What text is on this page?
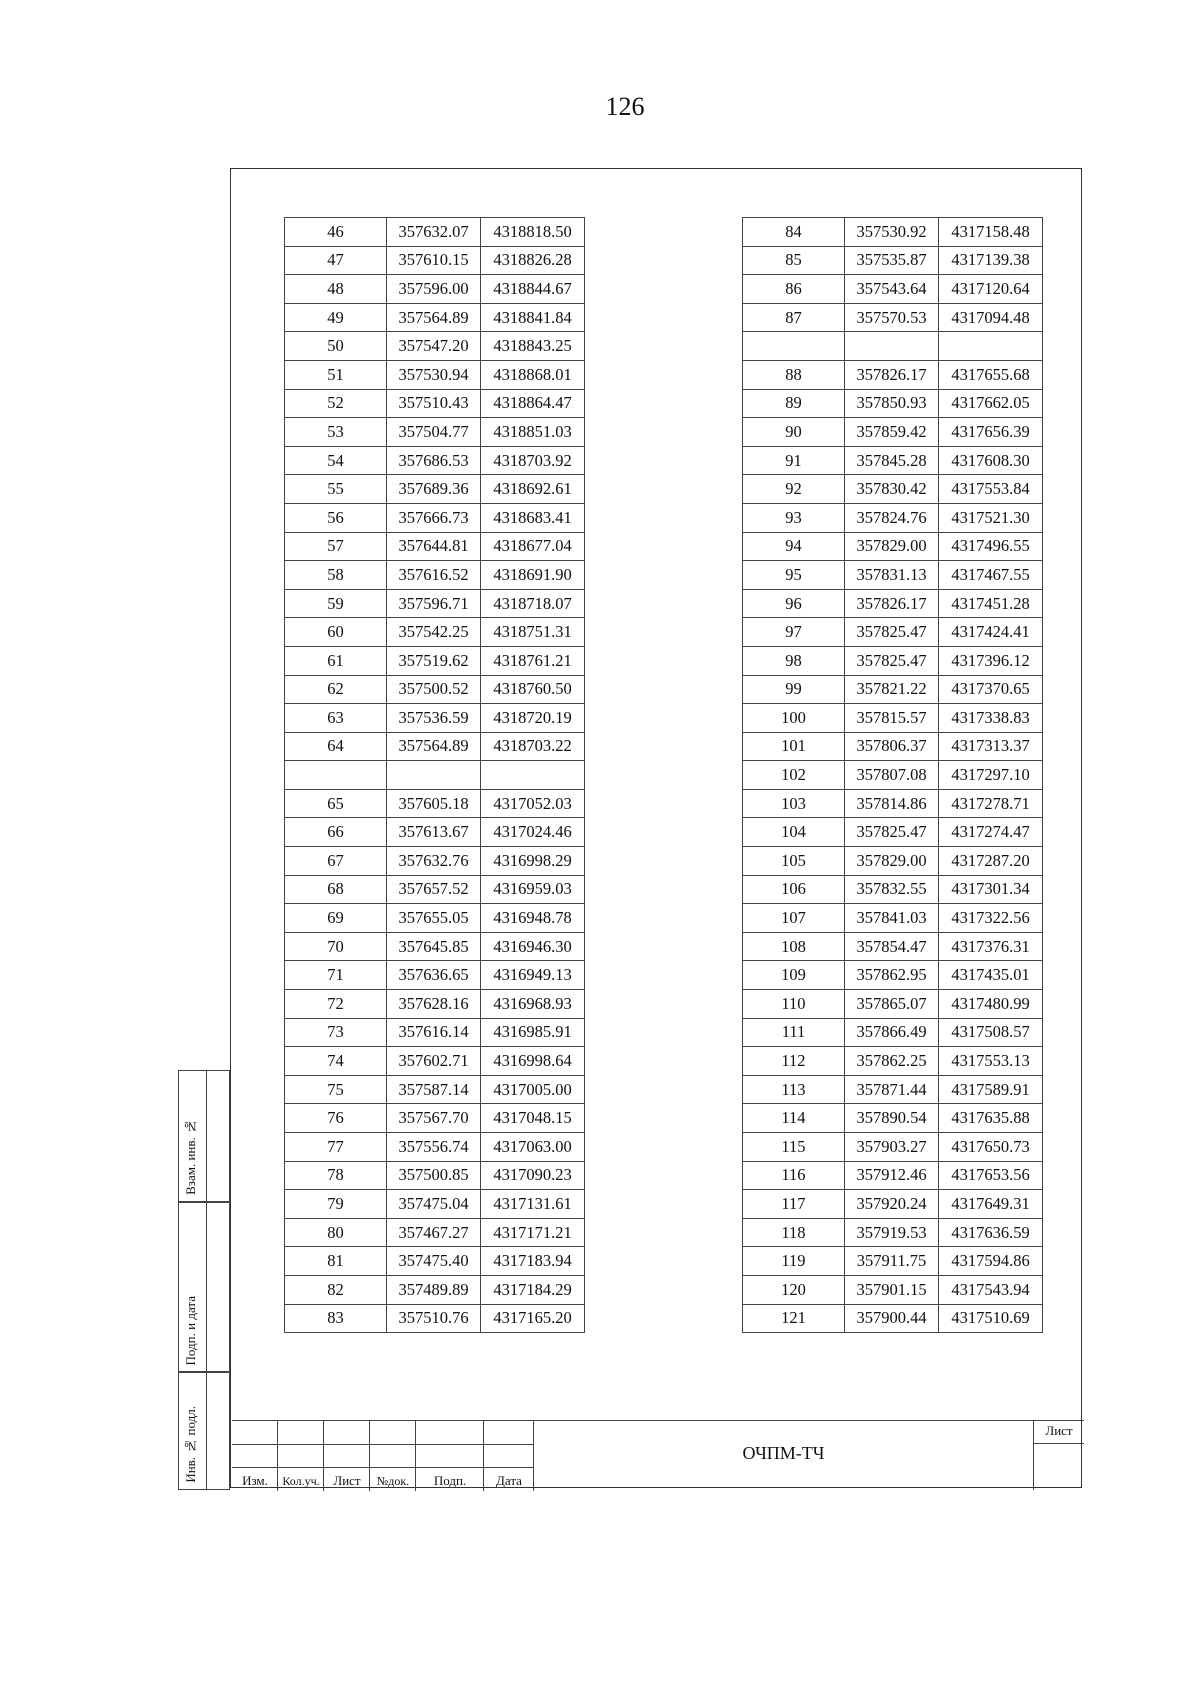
126
46	357632.07	4318818.50
47	357610.15	4318826.28
48	357596.00	4318844.67
49	357564.89	4318841.84
50	357547.20	4318843.25
51	357530.94	4318868.01
52	357510.43	4318864.47
53	357504.77	4318851.03
54	357686.53	4318703.92
55	357689.36	4318692.61
56	357666.73	4318683.41
57	357644.81	4318677.04
58	357616.52	4318691.90
59	357596.71	4318718.07
60	357542.25	4318751.31
61	357519.62	4318761.21
62	357500.52	4318760.50
63	357536.59	4318720.19
64	357564.89	4318703.22

65	357605.18	4317052.03
66	357613.67	4317024.46
67	357632.76	4316998.29
68	357657.52	4316959.03
69	357655.05	4316948.78
70	357645.85	4316946.30
71	357636.65	4316949.13
72	357628.16	4316968.93
73	357616.14	4316985.91
74	357602.71	4316998.64
75	357587.14	4317005.00
76	357567.70	4317048.15
77	357556.74	4317063.00
78	357500.85	4317090.23
79	357475.04	4317131.61
80	357467.27	4317171.21
81	357475.40	4317183.94
82	357489.89	4317184.29
83	357510.76	4317165.20
84	357530.92	4317158.48
85	357535.87	4317139.38
86	357543.64	4317120.64
87	357570.53	4317094.48

88	357826.17	4317655.68
89	357850.93	4317662.05
90	357859.42	4317656.39
91	357845.28	4317608.30
92	357830.42	4317553.84
93	357824.76	4317521.30
94	357829.00	4317496.55
95	357831.13	4317467.55
96	357826.17	4317451.28
97	357825.47	4317424.41
98	357825.47	4317396.12
99	357821.22	4317370.65
100	357815.57	4317338.83
101	357806.37	4317313.37
102	357807.08	4317297.10
103	357814.86	4317278.71
104	357825.47	4317274.47
105	357829.00	4317287.20
106	357832.55	4317301.34
107	357841.03	4317322.56
108	357854.47	4317376.31
109	357862.95	4317435.01
110	357865.07	4317480.99
111	357866.49	4317508.57
112	357862.25	4317553.13
113	357871.44	4317589.91
114	357890.54	4317635.88
115	357903.27	4317650.73
116	357912.46	4317653.56
117	357920.24	4317649.31
118	357919.53	4317636.59
119	357911.75	4317594.86
120	357901.15	4317543.94
121	357900.44	4317510.69
Взам. инв. №
Подп. и дата
Инв. № подл.	Изм.	Кол.уч.	Лист	№док.	Подп.	Дата
ОЧПМ-ТЧ
Лист
